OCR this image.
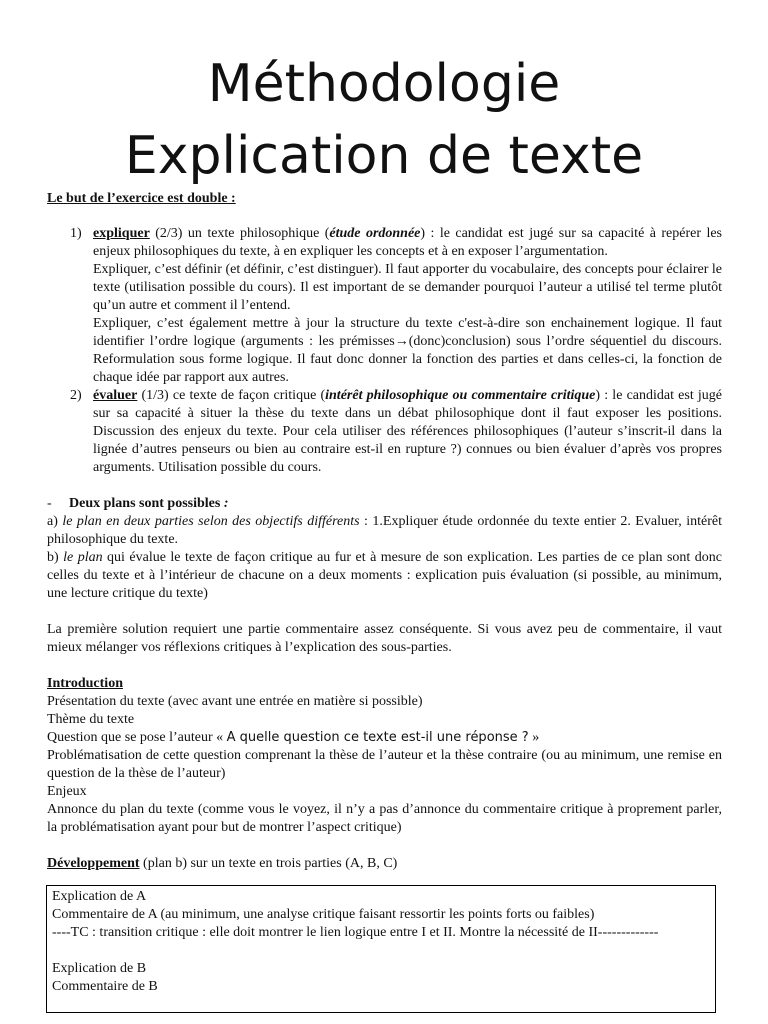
Méthodologie
Explication de texte

Le but de l’exercice est double :

1) expliquer (2/3) un texte philosophique (étude ordonnée) : le candidat est jugé sur sa capacité à repérer les enjeux philosophiques du texte, à en expliquer les concepts et à en exposer l’argumentation.

Expliquer, c’est définir (et définir, c’est distinguer). Il faut apporter du vocabulaire, des concepts pour éclairer le texte (utilisation possible du cours). Il est important de se demander pourquoi l’auteur a utilisé tel terme plutôt qu’un autre et comment il l’entend.

Expliquer, c’est également mettre à jour la structure du texte c'est-à-dire son enchainement logique. Il faut identifier l’ordre logique (arguments : les prémisses→(donc)conclusion) sous l’ordre séquentiel du discours. Reformulation sous forme logique. Il faut donc donner la fonction des parties et dans celles-ci, la fonction de chaque idée par rapport aux autres.

2) évaluer (1/3) ce texte de façon critique (intérêt philosophique ou commentaire critique) : le candidat est jugé sur sa capacité à situer la thèse du texte dans un débat philosophique dont il faut exposer les positions. Discussion des enjeux du texte. Pour cela utiliser des références philosophiques (l’auteur s’inscrit-il dans la lignée d’autres penseurs ou bien au contraire est-il en rupture ?) connues ou bien évaluer d’après vos propres arguments. Utilisation possible du cours.

- Deux plans sont possibles :

a) le plan en deux parties selon des objectifs différents : 1.Expliquer étude ordonnée du texte entier 2. Evaluer, intérêt philosophique du texte.

b) le plan qui évalue le texte de façon critique au fur et à mesure de son explication. Les parties de ce plan sont donc celles du texte et à l’intérieur de chacune on a deux moments : explication puis évaluation (si possible, au minimum, une lecture critique du texte)

La première solution requiert une partie commentaire assez conséquente. Si vous avez peu de commentaire, il vaut mieux mélanger vos réflexions critiques à l’explication des sous-parties.

Introduction

Présentation du texte (avec avant une entrée en matière si possible)

Thème du texte

Question que se pose l’auteur « A quelle question ce texte est-il une réponse ? »

Problématisation de cette question comprenant la thèse de l’auteur et la thèse contraire (ou au minimum, une remise en question de la thèse de l’auteur)

Enjeux

Annonce du plan du texte (comme vous le voyez, il n’y a pas d’annonce du commentaire critique à proprement parler, la problématisation ayant pour but de montrer l’aspect critique)

Développement (plan b) sur un texte en trois parties (A, B, C)

Explication de A

Commentaire de A (au minimum, une analyse critique faisant ressortir les points forts ou faibles)

----TC : transition critique : elle doit montrer le lien logique entre I et II. Montre la nécessité de II-------------

Explication de B

Commentaire de B
